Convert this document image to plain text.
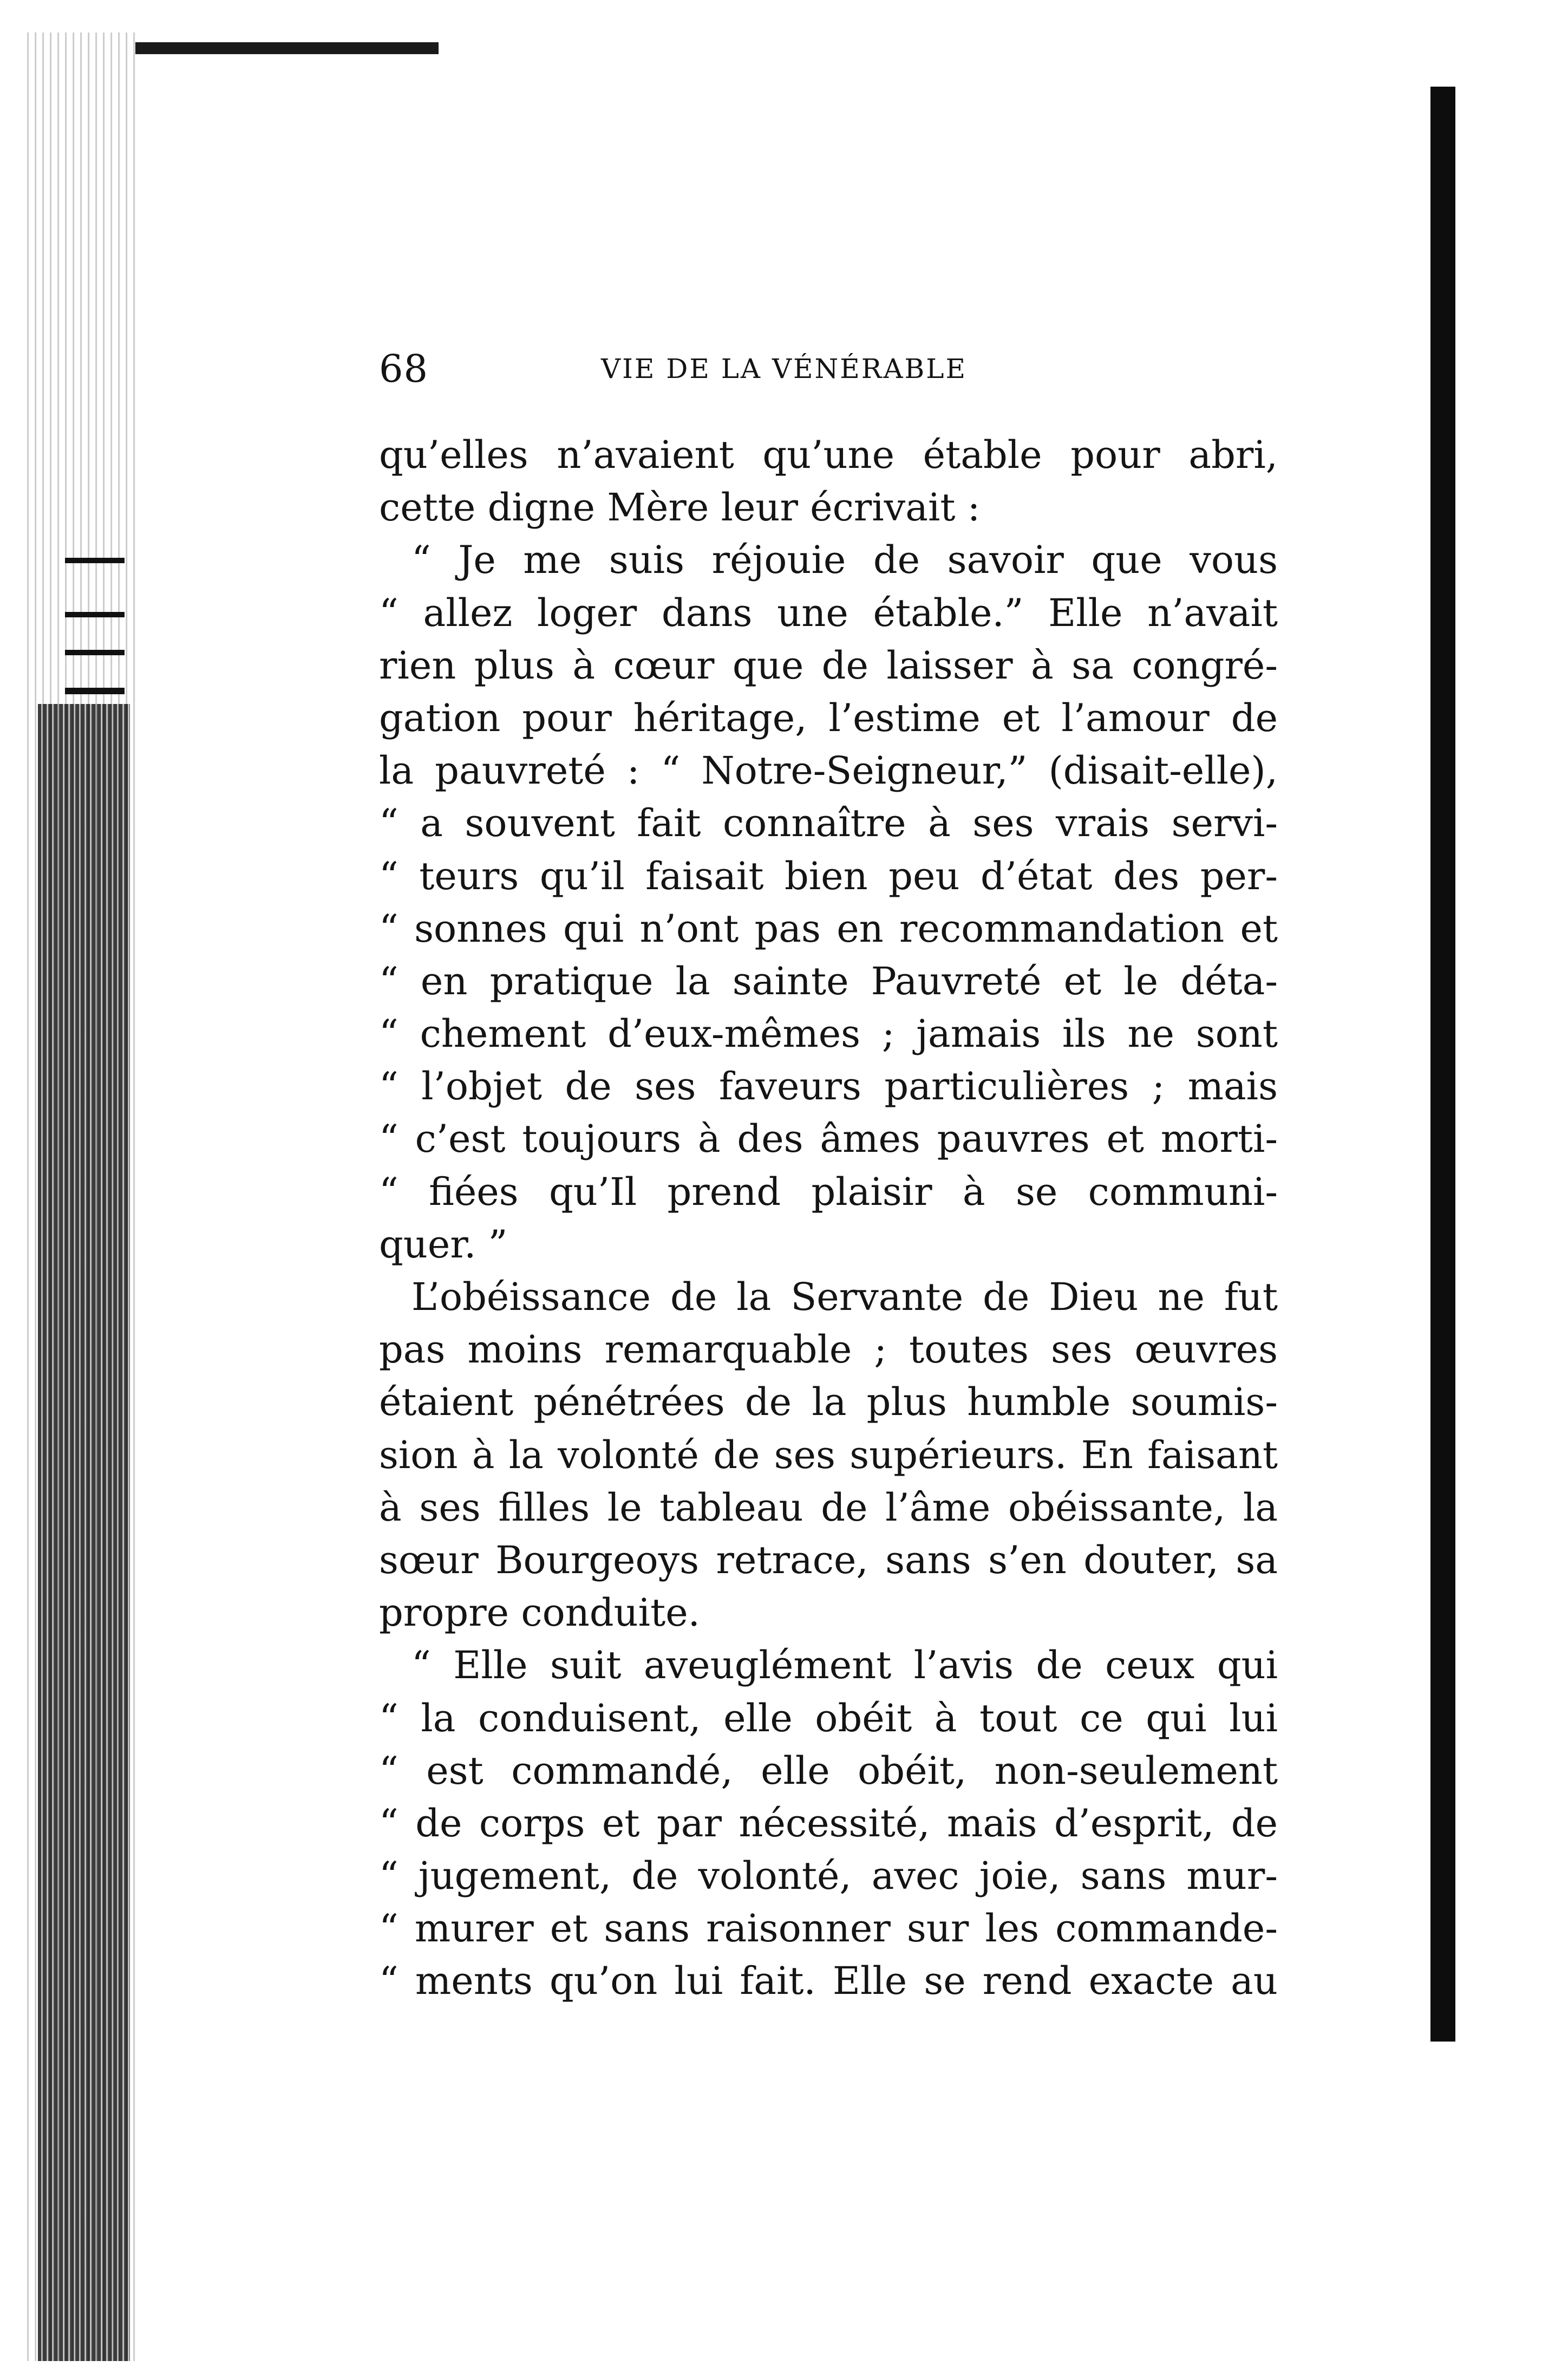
68	VIE DE LA VÉNÉRABLE
qu’elles n’avaient qu’une étable pour abri,
cette digne Mère leur écrivait :
“ Je me suis réjouie de savoir que vous
“ allez loger dans une étable.” Elle n’avait
rien plus à cœur que de laisser à sa congré-
gation pour héritage, l’estime et l’amour de
la pauvreté : “ Notre-Seigneur,” (disait-elle),
“ a souvent fait connaître à ses vrais servi-
“ teurs qu’il faisait bien peu d’état des per-
“ sonnes qui n’ont pas en recommandation et
“ en pratique la sainte Pauvreté et le déta-
“ chement d’eux-mêmes ; jamais ils ne sont
“ l’objet de ses faveurs particulières ; mais
“ c’est toujours à des âmes pauvres et morti-
“ fiées qu’Il prend plaisir à se communi-
quer. ”
L’obéissance de la Servante de Dieu ne fut
pas moins remarquable ; toutes ses œuvres
étaient pénétrées de la plus humble soumis-
sion à la volonté de ses supérieurs. En faisant
à ses filles le tableau de l’âme obéissante, la
sœur Bourgeoys retrace, sans s’en douter, sa
propre conduite.
“ Elle suit aveuglément l’avis de ceux qui
“ la conduisent, elle obéit à tout ce qui lui
“ est commandé, elle obéit, non-seulement
“ de corps et par nécessité, mais d’esprit, de
“ jugement, de volonté, avec joie, sans mur-
“ murer et sans raisonner sur les commande-
“ ments qu’on lui fait. Elle se rend exacte au
